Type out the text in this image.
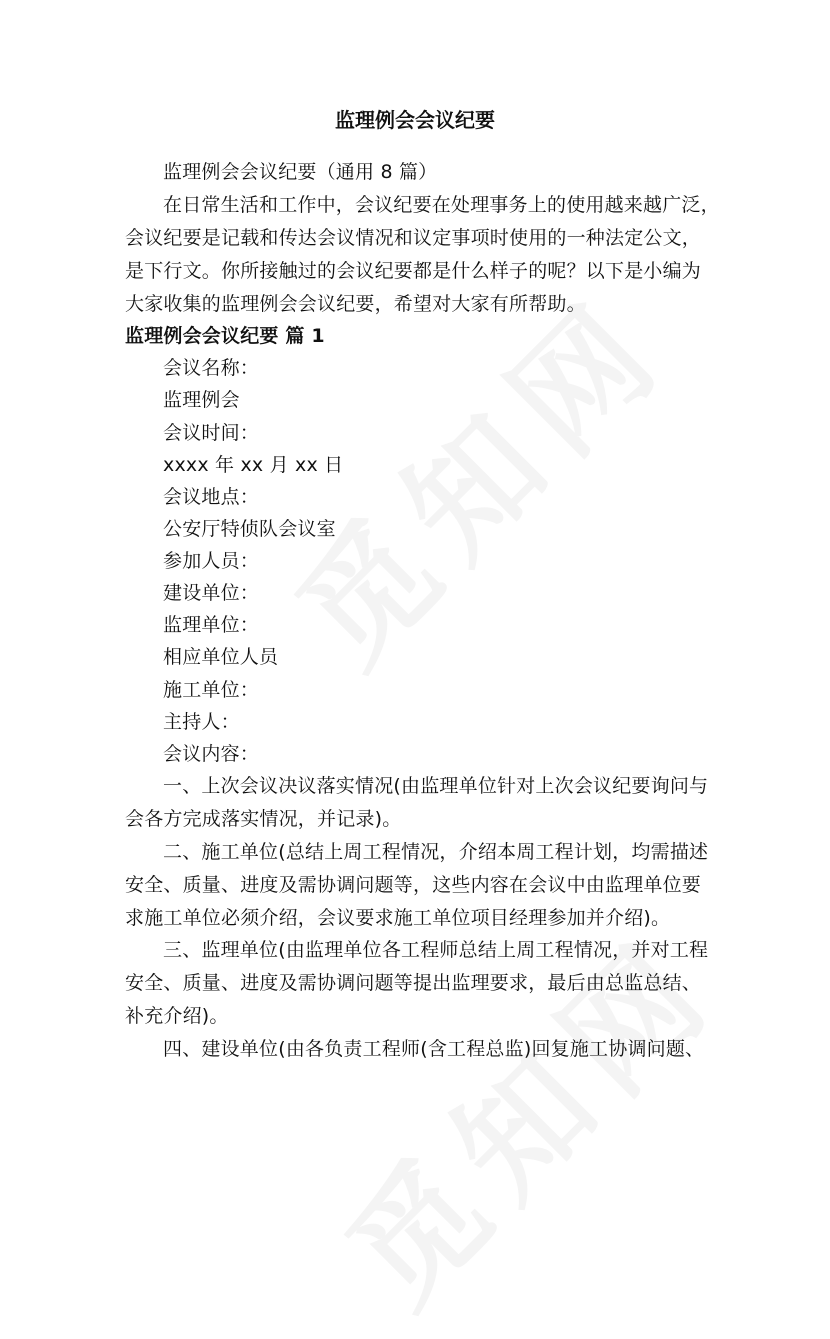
监理例会会议纪要
监理例会会议纪要（通用 8 篇）
在日常生活和工作中，会议纪要在处理事务上的使用越来越广泛，
会议纪要是记载和传达会议情况和议定事项时使用的一种法定公文，
是下行文。你所接触过的会议纪要都是什么样子的呢？以下是小编为
大家收集的监理例会会议纪要，希望对大家有所帮助。
监理例会会议纪要 篇 1
会议名称：
监理例会
会议时间：
xxxx 年 xx 月 xx 日
会议地点：
公安厅特侦队会议室
参加人员：
建设单位：
监理单位：
相应单位人员
施工单位：
主持人：
会议内容：
一、上次会议决议落实情况(由监理单位针对上次会议纪要询问与
会各方完成落实情况，并记录)。
二、施工单位(总结上周工程情况，介绍本周工程计划，均需描述
安全、质量、进度及需协调问题等，这些内容在会议中由监理单位要
求施工单位必须介绍，会议要求施工单位项目经理参加并介绍)。
三、监理单位(由监理单位各工程师总结上周工程情况，并对工程
安全、质量、进度及需协调问题等提出监理要求，最后由总监总结、
补充介绍)。
四、建设单位(由各负责工程师(含工程总监)回复施工协调问题、
